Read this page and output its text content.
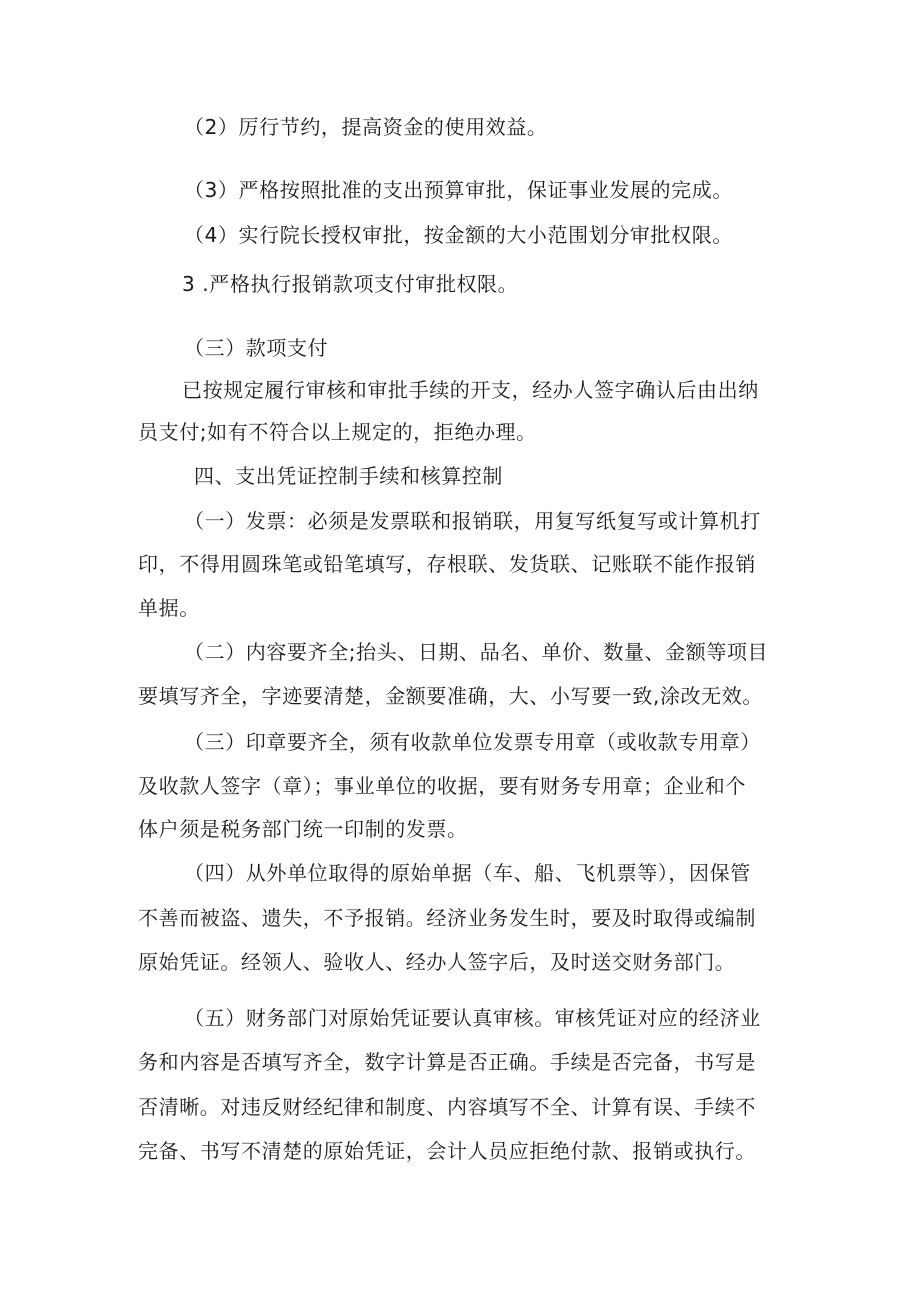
（2）厉行节约，提高资金的使用效益。

（3）严格按照批准的支出预算审批，保证事业发展的完成。

（4）实行院长授权审批，按金额的大小范围划分审批权限。

3 .严格执行报销款项支付审批权限。

（三）款项支付

已按规定履行审核和审批手续的开支，经办人签字确认后由出纳

员支付;如有不符合以上规定的，拒绝办理。

四、支出凭证控制手续和核算控制

（一）发票：必须是发票联和报销联，用复写纸复写或计算机打

印，不得用圆珠笔或铅笔填写，存根联、发货联、记账联不能作报销

单据。

（二）内容要齐全;抬头、日期、品名、单价、数量、金额等项目

要填写齐全，字迹要清楚，金额要准确，大、小写要一致,涂改无效。

（三）印章要齐全，须有收款单位发票专用章（或收款专用章）

及收款人签字（章）；事业单位的收据，要有财务专用章；企业和个

体户须是税务部门统一印制的发票。

（四）从外单位取得的原始单据（车、船、飞机票等），因保管

不善而被盗、遗失，不予报销。经济业务发生时，要及时取得或编制

原始凭证。经领人、验收人、经办人签字后，及时送交财务部门。

（五）财务部门对原始凭证要认真审核。审核凭证对应的经济业

务和内容是否填写齐全，数字计算是否正确。手续是否完备，书写是

否清晰。对违反财经纪律和制度、内容填写不全、计算有误、手续不

完备、书写不清楚的原始凭证，会计人员应拒绝付款、报销或执行。
